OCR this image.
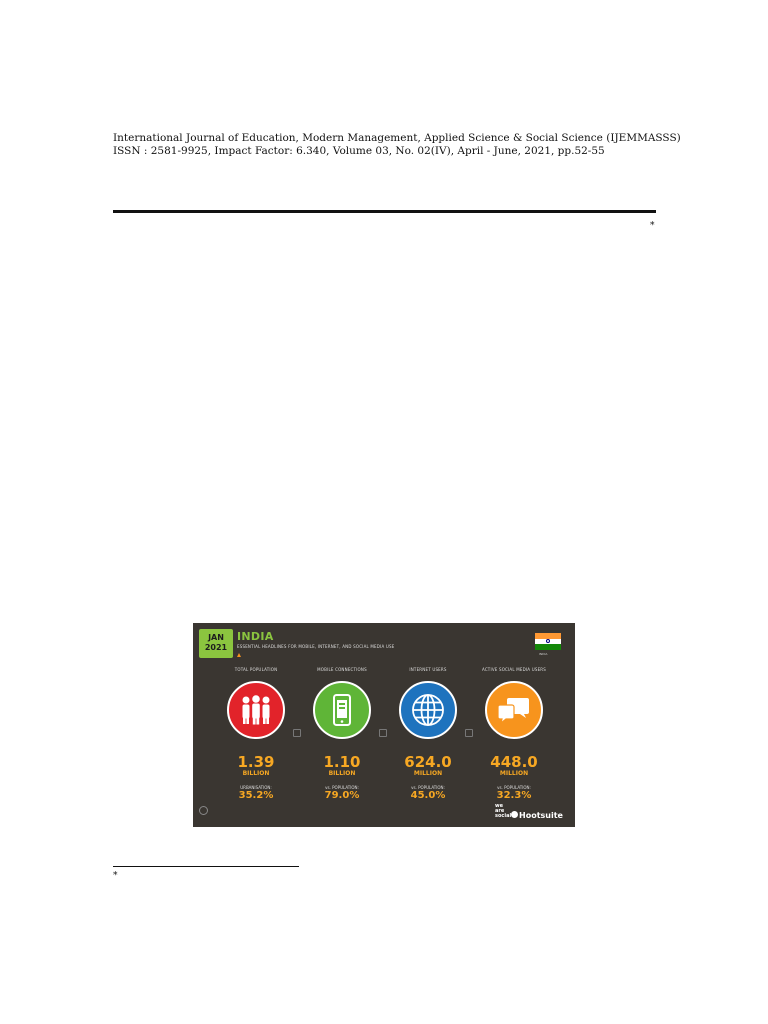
International Journal of Education, Modern Management, Applied Science & Social Science (IJEMMASSS)
ISSN : 2581-9925, Impact Factor: 6.340, Volume 03, No. 02(IV), April - June, 2021, pp.52-55
*
JAN
2021
INDIA
ESSENTIAL HEADLINES FOR MOBILE, INTERNET, AND SOCIAL MEDIA USE
INDIA
TOTAL POPULATION
1.39
BILLION
URBANISATION:
35.2%
MOBILE CONNECTIONS
1.10
BILLION
vs. POPULATION:
79.0%
INTERNET USERS
624.0
MILLION
vs. POPULATION:
45.0%
ACTIVE SOCIAL MEDIA USERS
448.0
MILLION
vs. POPULATION:
32.3%
we are social Hootsuite
*
